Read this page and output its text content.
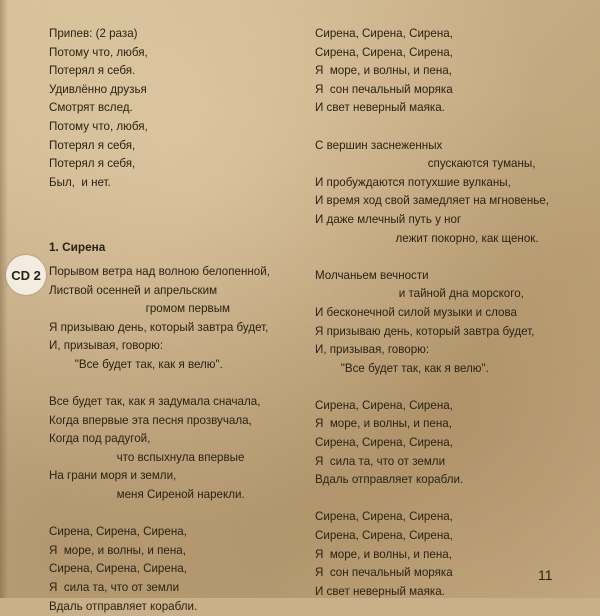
Припев: (2 раза)
Потому что, любя,
Потерял я себя.
Удивлённо друзья
Смотрят вслед.
Потому что, любя,
Потерял я себя,
Потерял я себя,
Был,  и нет.
1. Сирена
Порывом ветра над волною белопенной,
Листвой осенней и апрельским
громом первым
Я призываю день, который завтра будет,
И, призывая, говорю:
"Все будет так, как я велю".
Все будет так, как я задумала сначала,
Когда впервые эта песня прозвучала,
Когда под радугой,
что вспыхнула впервые
На грани моря и земли,
меня Сиреной нарекли.
Сирена, Сирена, Сирена,
Я  море, и волны, и пена,
Сирена, Сирена, Сирена,
Я  сила та, что от земли
Вдаль отправляет корабли.
Сирена, Сирена, Сирена,
Сирена, Сирена, Сирена,
Я  море, и волны, и пена,
Я  сон печальный моряка
И свет неверный маяка.
С вершин заснеженных
спускаются туманы,
И пробуждаются потухшие вулканы,
И время ход свой замедляет на мгновенье,
И даже млечный путь у ног
лежит покорно, как щенок.
Молчаньем вечности
и тайной дна морского,
И бесконечной силой музыки и слова
Я призываю день, который завтра будет,
И, призывая, говорю:
"Все будет так, как я велю".
Сирена, Сирена, Сирена,
Я  море, и волны, и пена,
Сирена, Сирена, Сирена,
Я  сила та, что от земли
Вдаль отправляет корабли.
Сирена, Сирена, Сирена,
Сирена, Сирена, Сирена,
Я  море, и волны, и пена,
Я  сон печальный моряка
И свет неверный маяка.
CD 2
11
